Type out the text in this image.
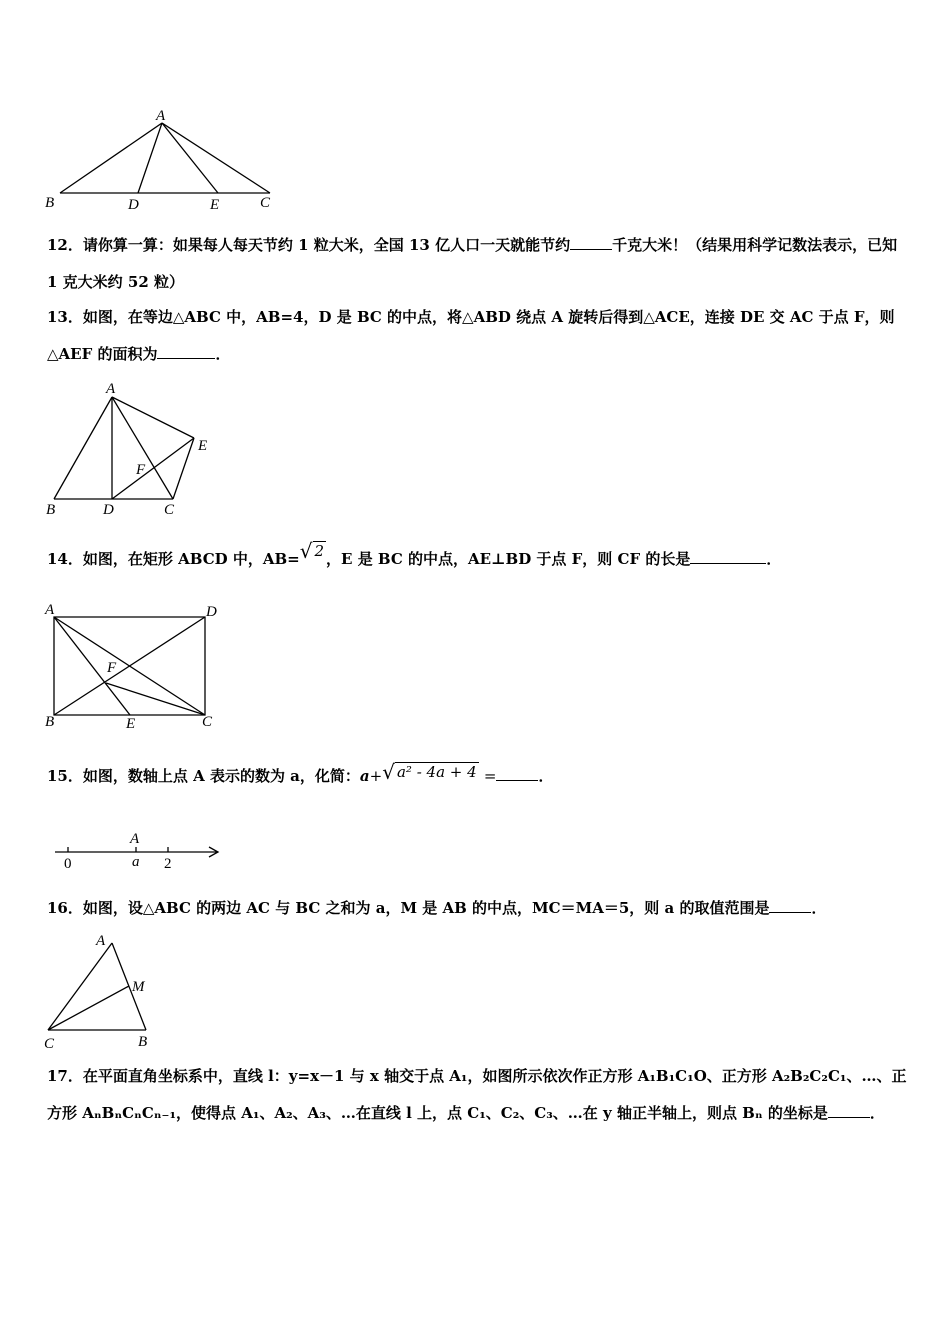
A
B	D	E	C

12．请你算一算：如果每人每天节约 1 粒大米，全国 13 亿人口一天就能节约	千克大米！（结果用科学记数法表示，已知 1 克大米约 52 粒）

13．如图，在等边△ABC 中，AB=4，D 是 BC 的中点，将△ABD 绕点 A 旋转后得到△ACE，连接 DE 交 AC 于点 F，则△AEF 的面积为	．

A
E
F
B	D	C

14．如图，在矩形 ABCD 中，AB=√ 2 ，E 是 BC 的中点，AE⊥BD 于点 F，则 CF 的长是	．

A	D
F
B	E	C

15．如图，数轴上点 A 表示的数为 a，化简：a+√ a² - 4a + 4 =	．

A
0	a 2

16．如图，设△ABC 的两边 AC 与 BC 之和为 a，M 是 AB 的中点，MC＝MA＝5，则 a 的取值范围是	．

A
M
C	B

17．在平面直角坐标系中，直线 l：y=x－1 与 x 轴交于点 A₁，如图所示依次作正方形 A₁B₁C₁O、正方形 A₂B₂C₂C₁、…、正方形 AₙBₙCₙCₙ₋₁，使得点 A₁、A₂、A₃、…在直线 l 上，点 C₁、C₂、C₃、…在 y 轴正半轴上，则点 Bₙ 的坐标是	．
